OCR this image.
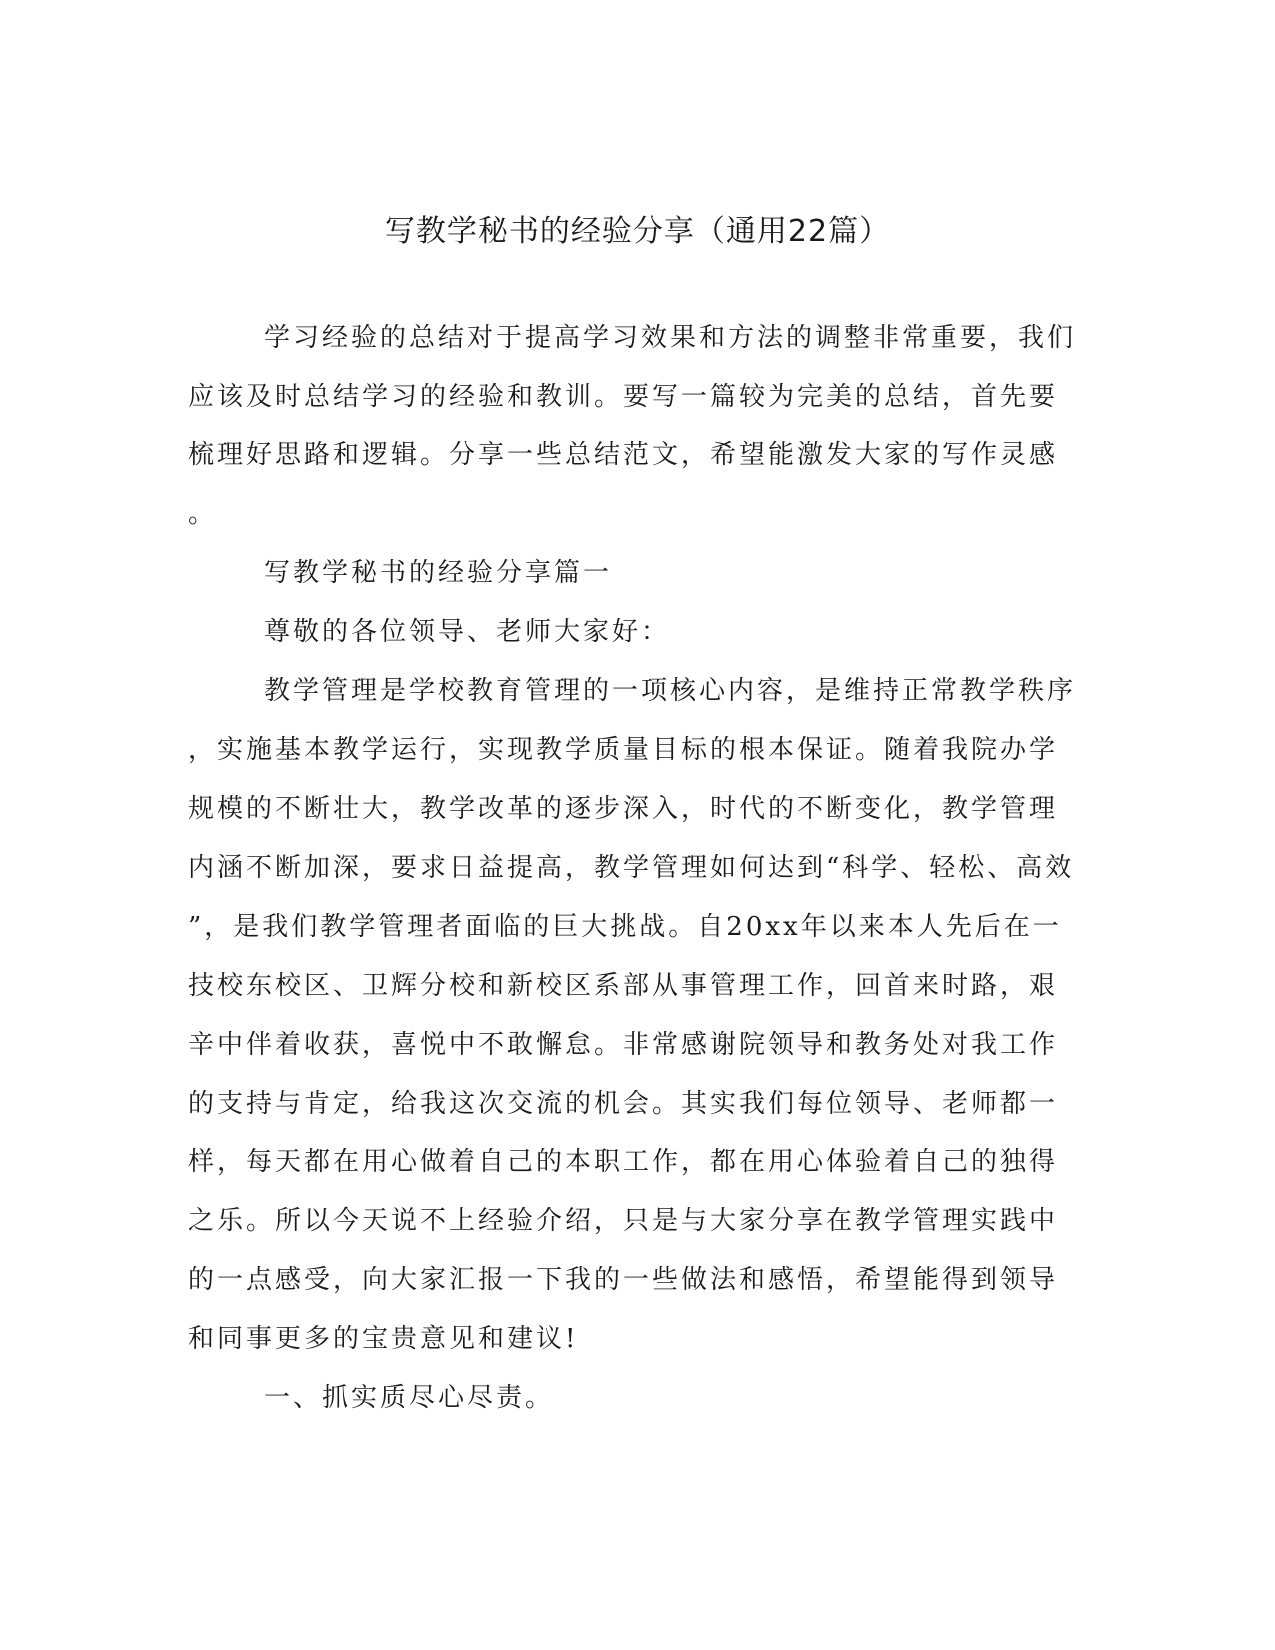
写教学秘书的经验分享（通用22篇）
学习经验的总结对于提高学习效果和方法的调整非常重要，我们
应该及时总结学习的经验和教训。要写一篇较为完美的总结，首先要
梳理好思路和逻辑。分享一些总结范文，希望能激发大家的写作灵感
。
写教学秘书的经验分享篇一
尊敬的各位领导、老师大家好：
教学管理是学校教育管理的一项核心内容，是维持正常教学秩序
，实施基本教学运行，实现教学质量目标的根本保证。随着我院办学
规模的不断壮大，教学改革的逐步深入，时代的不断变化，教学管理
内涵不断加深，要求日益提高，教学管理如何达到“科学、轻松、高效
”，是我们教学管理者面临的巨大挑战。自20xx年以来本人先后在一
技校东校区、卫辉分校和新校区系部从事管理工作，回首来时路，艰
辛中伴着收获，喜悦中不敢懈怠。非常感谢院领导和教务处对我工作
的支持与肯定，给我这次交流的机会。其实我们每位领导、老师都一
样，每天都在用心做着自己的本职工作，都在用心体验着自己的独得
之乐。所以今天说不上经验介绍，只是与大家分享在教学管理实践中
的一点感受，向大家汇报一下我的一些做法和感悟，希望能得到领导
和同事更多的宝贵意见和建议!
一、抓实质尽心尽责。
